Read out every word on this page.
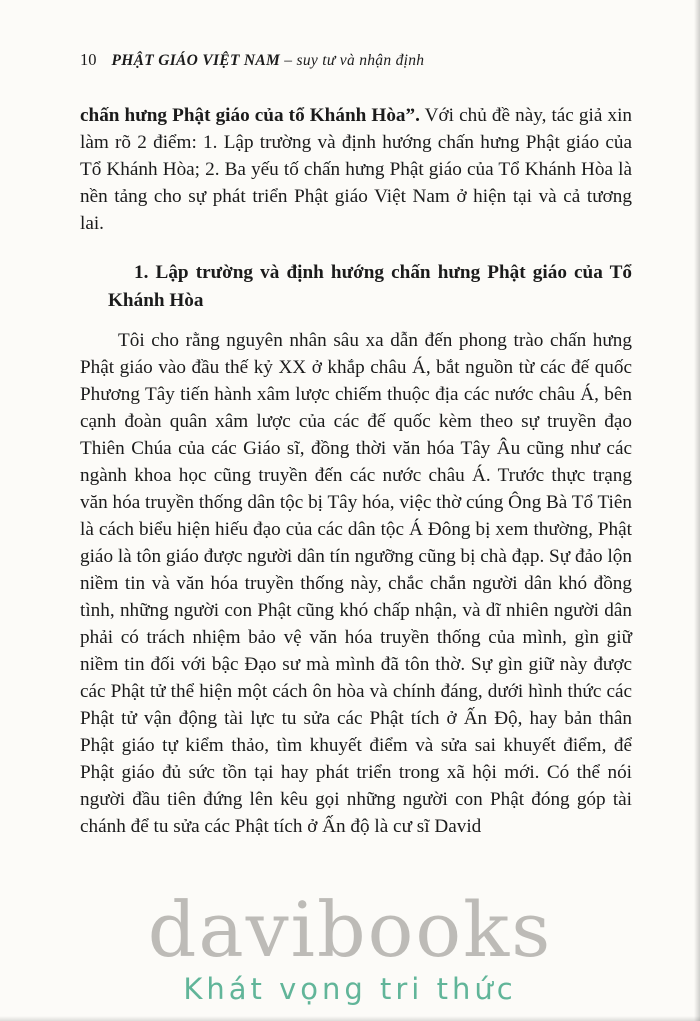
10 PHẬT GIÁO VIỆT NAM – suy tư và nhận định

chấn hưng Phật giáo của tổ Khánh Hòa”. Với chủ đề này, tác giả xin làm rõ 2 điểm: 1. Lập trường và định hướng chấn hưng Phật giáo của Tổ Khánh Hòa; 2. Ba yếu tố chấn hưng Phật giáo của Tổ Khánh Hòa là nền tảng cho sự phát triển Phật giáo Việt Nam ở hiện tại và cả tương lai.

1. Lập trường và định hướng chấn hưng Phật giáo của Tổ Khánh Hòa

Tôi cho rằng nguyên nhân sâu xa dẫn đến phong trào chấn hưng Phật giáo vào đầu thế kỷ XX ở khắp châu Á, bắt nguồn từ các đế quốc Phương Tây tiến hành xâm lược chiếm thuộc địa các nước châu Á, bên cạnh đoàn quân xâm lược của các đế quốc kèm theo sự truyền đạo Thiên Chúa của các Giáo sĩ, đồng thời văn hóa Tây Âu cũng như các ngành khoa học cũng truyền đến các nước châu Á. Trước thực trạng văn hóa truyền thống dân tộc bị Tây hóa, việc thờ cúng Ông Bà Tổ Tiên là cách biểu hiện hiếu đạo của các dân tộc Á Đông bị xem thường, Phật giáo là tôn giáo được người dân tín ngưỡng cũng bị chà đạp. Sự đảo lộn niềm tin và văn hóa truyền thống này, chắc chắn người dân khó đồng tình, những người con Phật cũng khó chấp nhận, và dĩ nhiên người dân phải có trách nhiệm bảo vệ văn hóa truyền thống của mình, gìn giữ niềm tin đối với bậc Đạo sư mà mình đã tôn thờ. Sự gìn giữ này được các Phật tử thể hiện một cách ôn hòa và chính đáng, dưới hình thức các Phật tử vận động tài lực tu sửa các Phật tích ở Ấn Độ, hay bản thân Phật giáo tự kiểm thảo, tìm khuyết điểm và sửa sai khuyết điểm, để Phật giáo đủ sức tồn tại hay phát triển trong xã hội mới. Có thể nói người đầu tiên đứng lên kêu gọi những người con Phật đóng góp tài chánh để tu sửa các Phật tích ở Ấn độ là cư sĩ David

davibooks
Khát vọng tri thức
